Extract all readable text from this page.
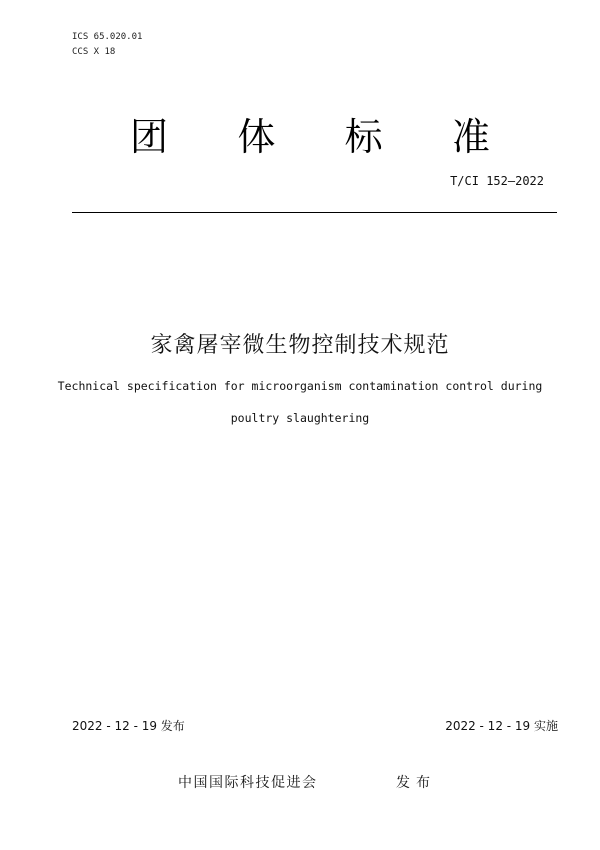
ICS 65.020.01
CCS X 18
团 体 标 准
T/CI 152—2022
家禽屠宰微生物控制技术规范
Technical specification for microorganism contamination control during
poultry slaughtering
2022 - 12 - 19 发布	2022 - 12 - 19 实施
中国国际科技促进会	发布
